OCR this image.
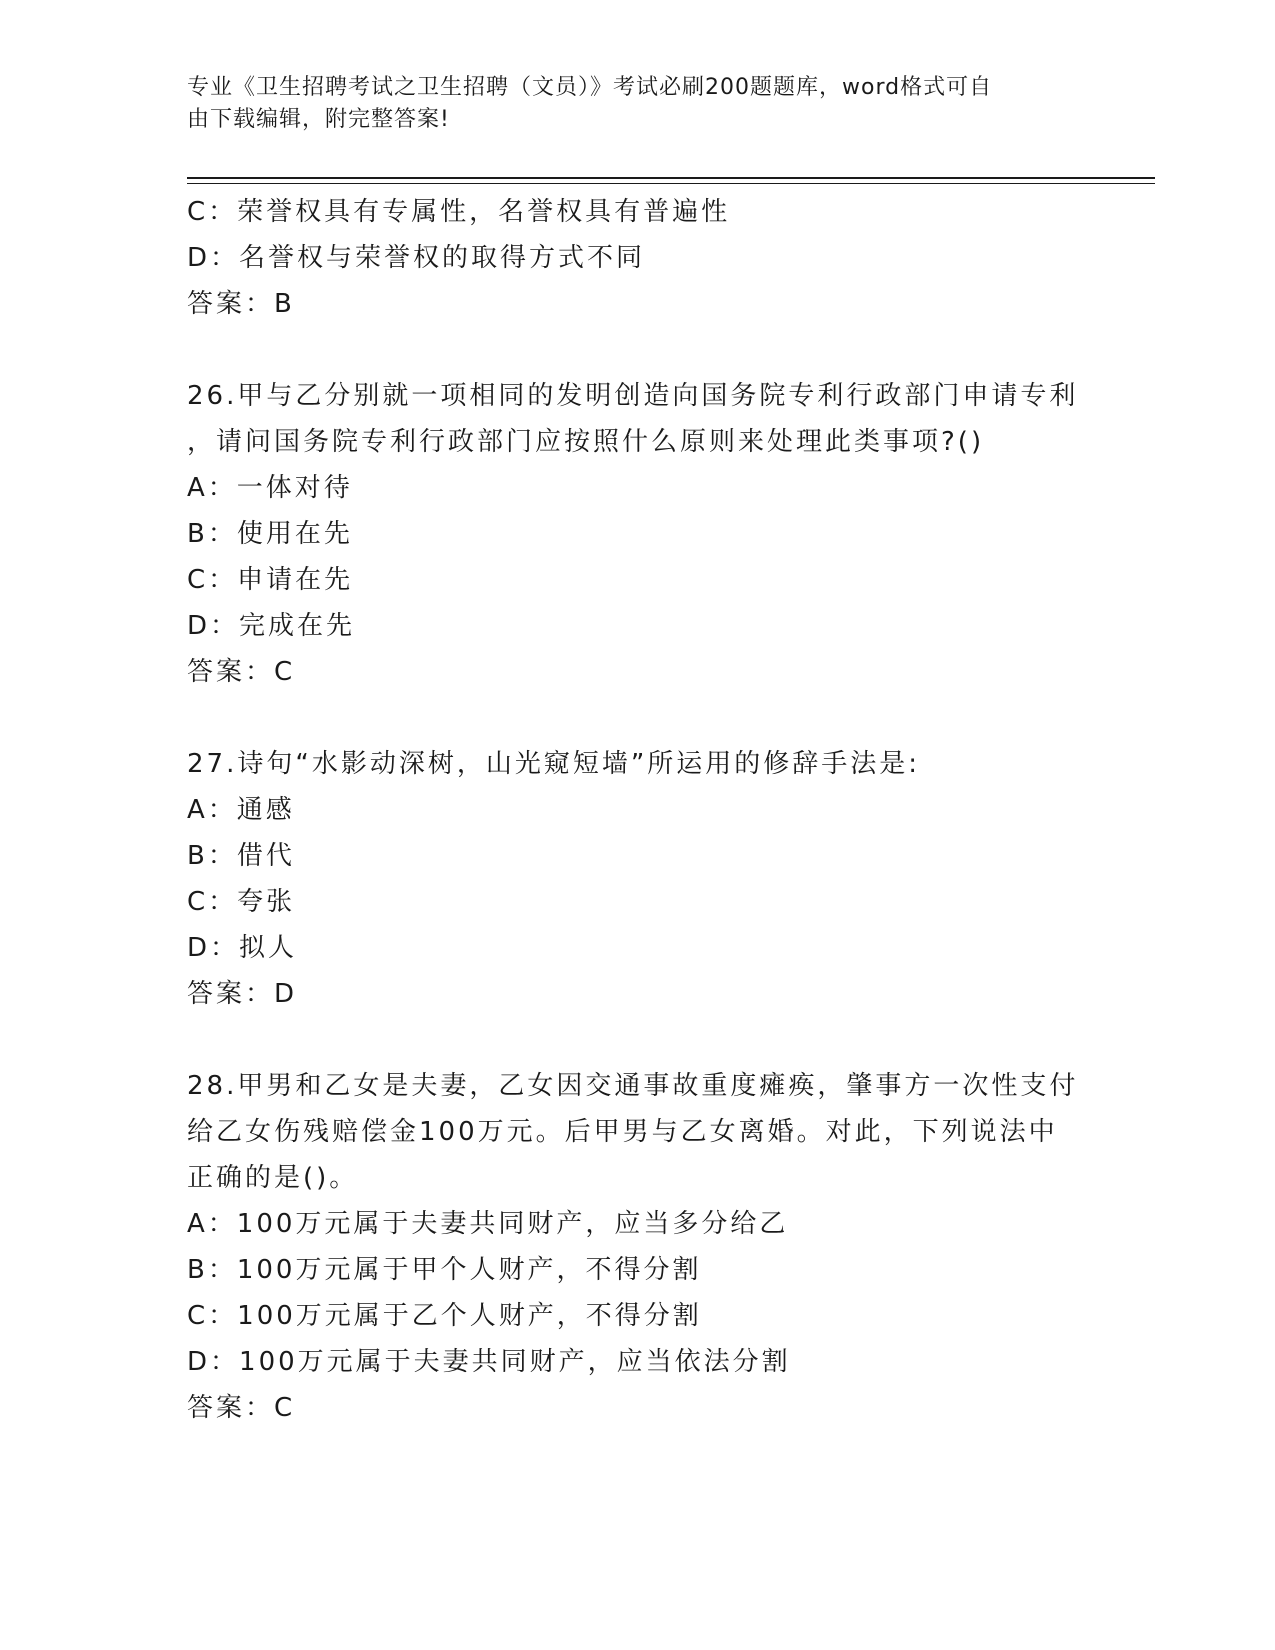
专业《卫生招聘考试之卫生招聘（文员）》考试必刷200题题库，word格式可自
由下载编辑，附完整答案!
C：荣誉权具有专属性，名誉权具有普遍性
D：名誉权与荣誉权的取得方式不同
答案：B
26.甲与乙分别就一项相同的发明创造向国务院专利行政部门申请专利
，请问国务院专利行政部门应按照什么原则来处理此类事项?()
A：一体对待
B：使用在先
C：申请在先
D：完成在先
答案：C
27.诗句“水影动深树，山光窥短墙”所运用的修辞手法是:
A：通感
B：借代
C：夸张
D：拟人
答案：D
28.甲男和乙女是夫妻，乙女因交通事故重度瘫痪，肇事方一次性支付
给乙女伤残赔偿金100万元。后甲男与乙女离婚。对此，下列说法中
正确的是()。
A：100万元属于夫妻共同财产，应当多分给乙
B：100万元属于甲个人财产，不得分割
C：100万元属于乙个人财产，不得分割
D：100万元属于夫妻共同财产，应当依法分割
答案：C
